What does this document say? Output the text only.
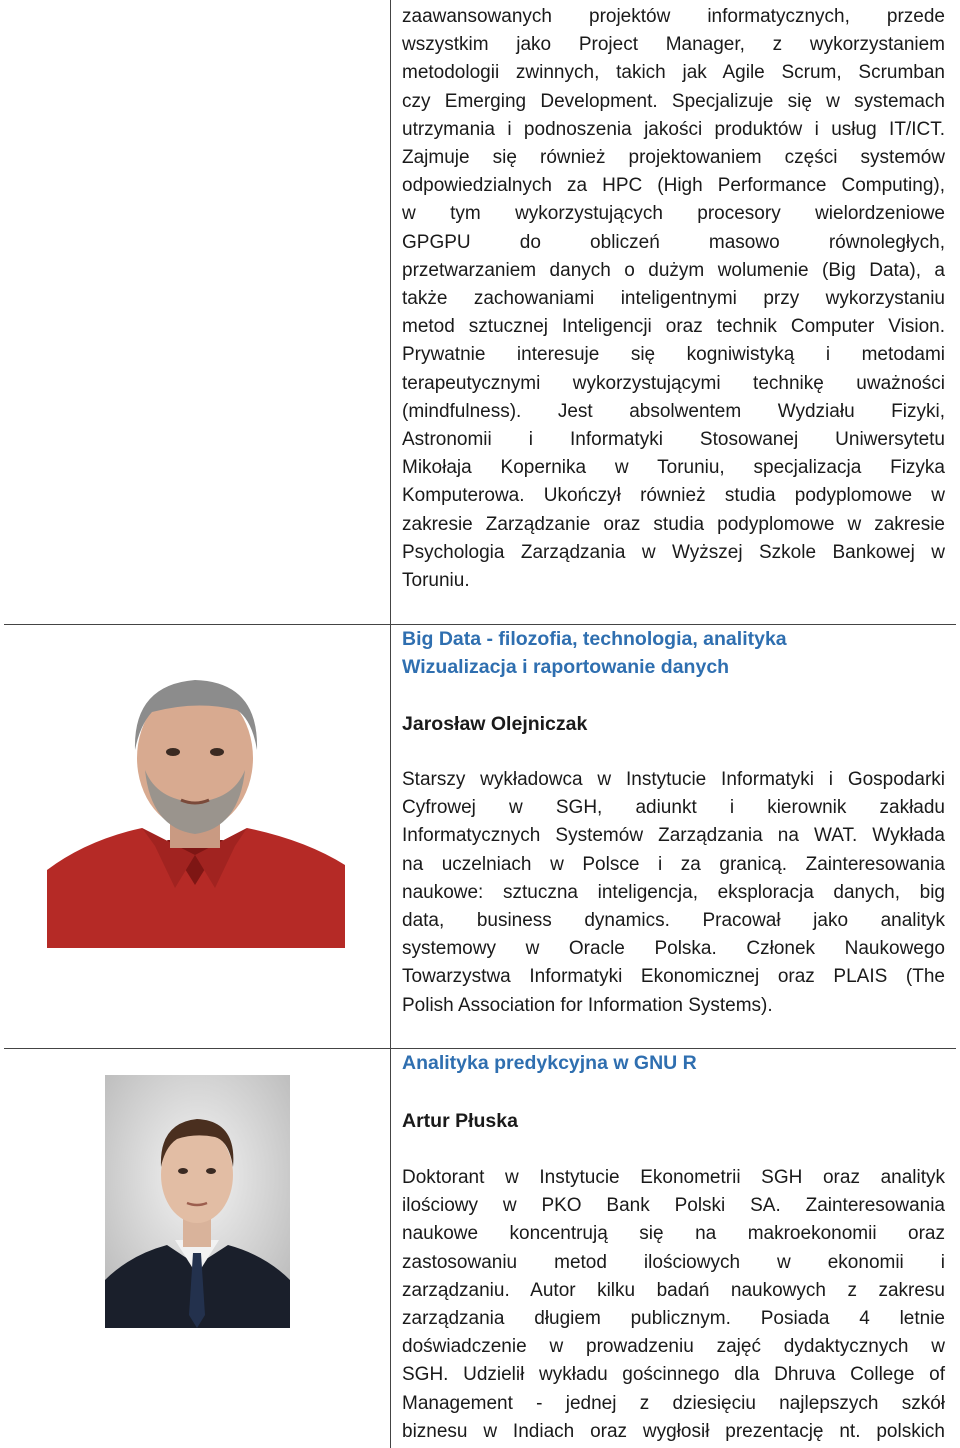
zaawansowanych projektów informatycznych, przede
wszystkim jako Project Manager, z wykorzystaniem
metodologii zwinnych, takich jak Agile Scrum, Scrumban
czy Emerging Development. Specjalizuje się w systemach
utrzymania i podnoszenia jakości produktów i usług IT/ICT.
Zajmuje się również projektowaniem części systemów
odpowiedzialnych za HPC (High Performance Computing),
w tym wykorzystujących procesory wielordzeniowe
GPGPU do obliczeń masowo równoległych,
przetwarzaniem danych o dużym wolumenie (Big Data), a
także zachowaniami inteligentnymi przy wykorzystaniu
metod sztucznej Inteligencji oraz technik Computer Vision.
Prywatnie interesuje się kogniwistyką i metodami
terapeutycznymi wykorzystującymi technikę uważności
(mindfulness). Jest absolwentem Wydziału Fizyki,
Astronomii i Informatyki Stosowanej Uniwersytetu
Mikołaja Kopernika w Toruniu, specjalizacja Fizyka
Komputerowa. Ukończył również studia podyplomowe w
zakresie Zarządzanie oraz studia podyplomowe w zakresie
Psychologia Zarządzania w Wyższej Szkole Bankowej w
Toruniu.
Big Data - filozofia, technologia, analityka
Wizualizacja i raportowanie danych
Jarosław Olejniczak
Starszy wykładowca w Instytucie Informatyki i Gospodarki
Cyfrowej w SGH, adiunkt i kierownik zakładu
Informatycznych Systemów Zarządzania na WAT. Wykłada
na uczelniach w Polsce i za granicą. Zainteresowania
naukowe: sztuczna inteligencja, eksploracja danych, big
data, business dynamics. Pracował jako analityk
systemowy w Oracle Polska. Członek Naukowego
Towarzystwa Informatyki Ekonomicznej oraz PLAIS (The
Polish Association for Information Systems).
Analityka predykcyjna w GNU R
Artur Płuska
Doktorant w Instytucie Ekonometrii SGH oraz analityk
ilościowy w PKO Bank Polski SA. Zainteresowania
naukowe koncentrują się na makroekonomii oraz
zastosowaniu metod ilościowych w ekonomii i
zarządzaniu. Autor kilku badań naukowych z zakresu
zarządzania długiem publicznym. Posiada 4 letnie
doświadczenie w prowadzeniu zajęć dydaktycznych w
SGH. Udzielił wykładu gościnnego dla Dhruva College of
Management - jednej z dziesięciu najlepszych szkół
biznesu w Indiach oraz wygłosił prezentację nt. polskich
